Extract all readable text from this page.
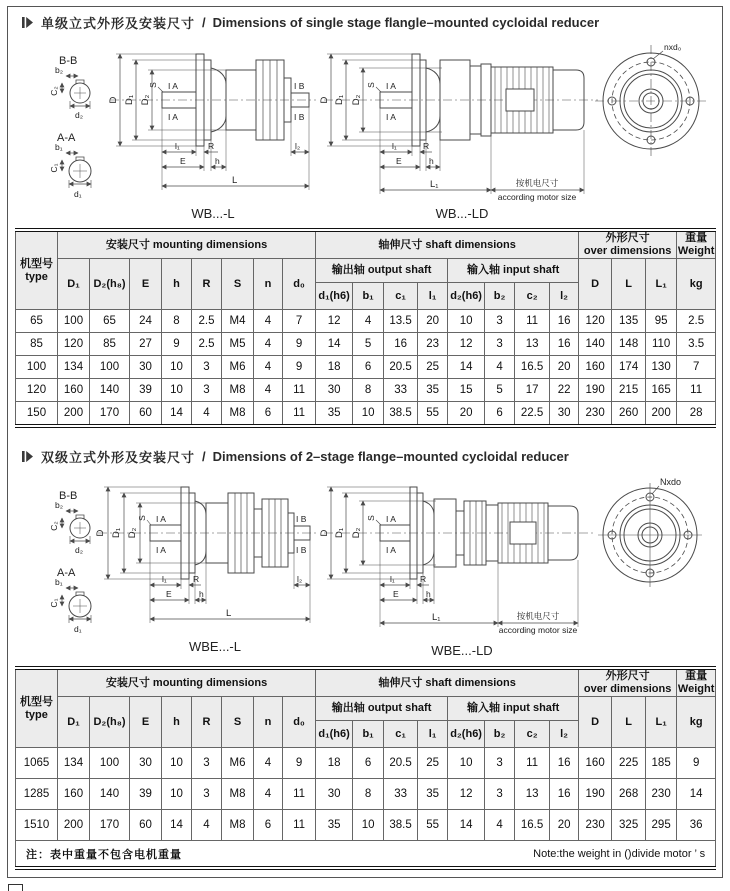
单级立式外形及安装尺寸 / Dimensions of single stage flangle–mounted cycloidal reducer
B-B
b₂
C₂
d₂
A-A
b₁
C₁
d₁
D D₁ D₂
S I A
I A
I B
I B
l₁	R
E	h
l₂
L
WB...-L
D D₁ D₂
S I A
I A
l₁	R
E	h
L₁	按机电尺寸
according motor size
WB...-LD
nxd₀
机型号
type
	安装尺寸 mounting dimensions	轴伸尺寸 shaft dimensions	
外形尺寸
over dimensions

重量
Weight

	D₁	D₂(h₈)	E	h	R	S	n	d₀	输出轴 output shaft				输入轴 input shaft				D	L	L₁	kg
									d₁(h6)	b₁	c₁	l₁	d₂(h6)	b₂	c₂	l₂				
65	100	65	24	8	2.5	M4	4	7	12	4	13.5	20	10	3	11	16	120	135	95	2.5
85	120	85	27	9	2.5	M5	4	9	14	5	16	23	12	3	13	16	140	148	110	3.5
100	134	100	30	10	3	M6	4	9	18	6	20.5	25	14	4	16.5	20	160	174	130	7
120	160	140	39	10	3	M8	4	11	30	8	33	35	15	5	17	22	190	215	165	11
150	200	170	60	14	4	M8	6	11	35	10	38.5	55	20	6	22.5	30	230	260	200	28
双级立式外形及安装尺寸 / Dimensions of 2–stage flange–mounted cycloidal reducer
B-B
b₂
C₂
d₂
A-A
b₁
C₁
d₁
D D₁ D₂
S I A
I A
I B
I B
l₁	R
E	h
l₂
L
WBE...-L
D D₁ D₂
S I A
I A
l₁	R
E	h
L₁	按机电尺寸
according motor size
WBE...-LD
Nxdo
机型号
type
	安装尺寸 mounting dimensions	轴伸尺寸 shaft dimensions	
外形尺寸
over dimensions

重量
Weight

	D₁	D₂(h₈)	E	h	R	S	n	d₀	输出轴 output shaft				输入轴 input shaft				D	L	L₁	kg
									d₁(h6)	b₁	c₁	l₁	d₂(h6)	b₂	c₂	l₂				
1065	134	100	30	10	3	M6	4	9	18	6	20.5	25	10	3	11	16	160	225	185	9
1285	160	140	39	10	3	M8	4	11	30	8	33	35	12	3	13	16	190	268	230	14
1510	200	170	60	14	4	M8	6	11	35	10	38.5	55	14	4	16.5	20	230	325	295	36

注：表中重量不包含电机重量 Note:the weight in ()divide motor ’ s																				
